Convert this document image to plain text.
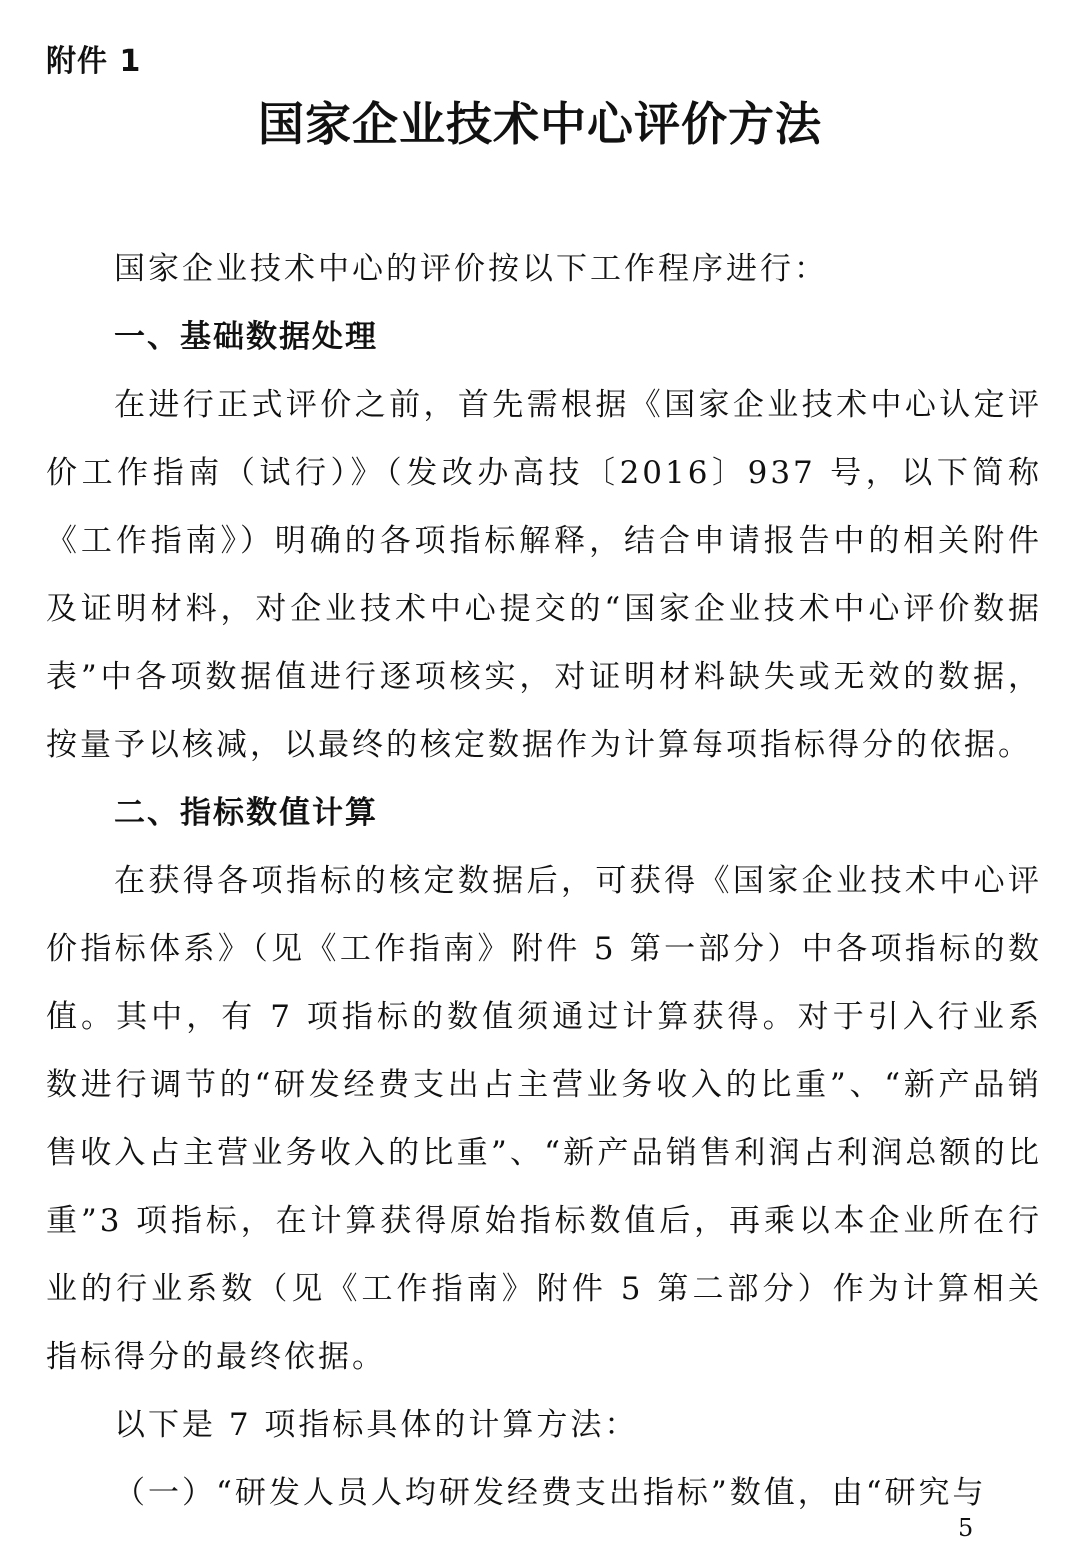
附件 1
国家企业技术中心评价方法

国家企业技术中心的评价按以下工作程序进行：

一、基础数据处理

在进行正式评价之前，首先需根据《国家企业技术中心认定评价工作指南（试行）》（发改办高技〔2016〕937 号，以下简称《工作指南》）明确的各项指标解释，结合申请报告中的相关附件及证明材料，对企业技术中心提交的“国家企业技术中心评价数据表”中各项数据值进行逐项核实，对证明材料缺失或无效的数据，按量予以核减，以最终的核定数据作为计算每项指标得分的依据。

二、指标数值计算

在获得各项指标的核定数据后，可获得《国家企业技术中心评价指标体系》（见《工作指南》附件 5 第一部分）中各项指标的数值。其中，有 7 项指标的数值须通过计算获得。对于引入行业系数进行调节的“研发经费支出占主营业务收入的比重”、“新产品销售收入占主营业务收入的比重”、“新产品销售利润占利润总额的比重”3 项指标，在计算获得原始指标数值后，再乘以本企业所在行业的行业系数（见《工作指南》附件 5 第二部分）作为计算相关指标得分的最终依据。

以下是 7 项指标具体的计算方法：

（一）“研发人员人均研发经费支出指标”数值，由“研究与

5
